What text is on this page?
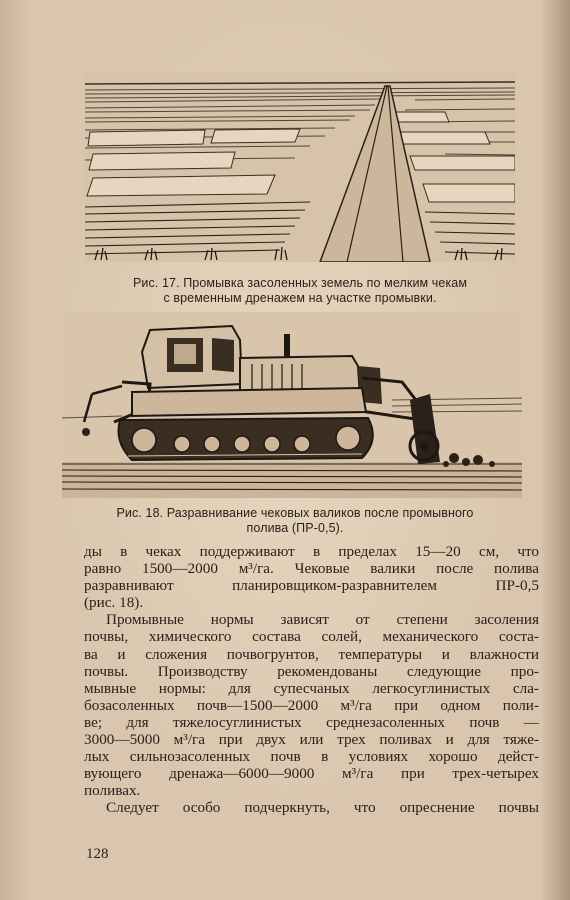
Рис. 17. Промывка засоленных земель по мелким чекам
с временным дренажем на участке промывки.
Рис. 18. Разравнивание чековых валиков после промывного
полива (ПР-0,5).
ды в чеках поддерживают в пределах 15—20 см, что
равно 1500—2000 м³/га. Чековые валики после полива
разравнивают планировщиком-разравнителем ПР-0,5
(рис. 18).
Промывные нормы зависят от степени засоления
почвы, химического состава солей, механического соста-
ва и сложения почвогрунтов, температуры и влажности
почвы. Производству рекомендованы следующие про-
мывные нормы: для супесчаных легкосуглинистых сла-
бозасоленных почв—1500—2000 м³/га при одном поли-
ве; для тяжелосуглинистых среднезасоленных почв —
3000—5000 м³/га при двух или трех поливах и для тяже-
лых сильнозасоленных почв в условиях хорошо дейст-
вующего дренажа—6000—9000 м³/га при трех-четырех
поливах.
Следует особо подчеркнуть, что опреснение почвы
128
